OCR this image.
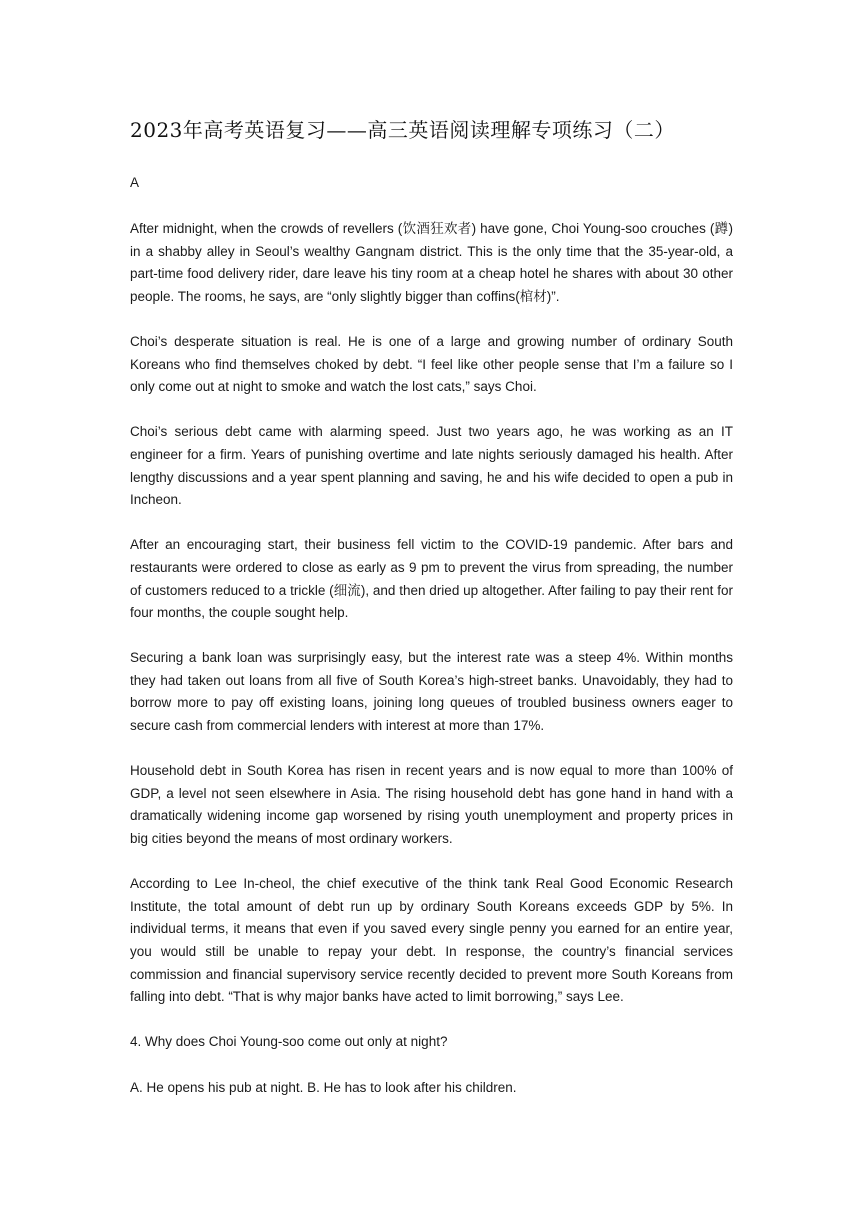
2023年高考英语复习——高三英语阅读理解专项练习（二）

A

After midnight, when the crowds of revellers (饮酒狂欢者) have gone, Choi Young-soo crouches (蹲) in a shabby alley in Seoul’s wealthy Gangnam district. This is the only time that the 35-year-old, a part-time food delivery rider, dare leave his tiny room at a cheap hotel he shares with about 30 other people. The rooms, he says, are “only slightly bigger than coffins(棺材)”.

Choi’s desperate situation is real. He is one of a large and growing number of ordinary South Koreans who find themselves choked by debt. “I feel like other people sense that I’m a failure so I only come out at night to smoke and watch the lost cats,” says Choi.

Choi’s serious debt came with alarming speed. Just two years ago, he was working as an IT engineer for a firm. Years of punishing overtime and late nights seriously damaged his health. After lengthy discussions and a year spent planning and saving, he and his wife decided to open a pub in Incheon.

After an encouraging start, their business fell victim to the COVID-19 pandemic. After bars and restaurants were ordered to close as early as 9 pm to prevent the virus from spreading, the number of customers reduced to a trickle (细流), and then dried up altogether. After failing to pay their rent for four months, the couple sought help.

Securing a bank loan was surprisingly easy, but the interest rate was a steep 4%. Within months they had taken out loans from all five of South Korea’s high-street banks. Unavoidably, they had to borrow more to pay off existing loans, joining long queues of troubled business owners eager to secure cash from commercial lenders with interest at more than 17%.

Household debt in South Korea has risen in recent years and is now equal to more than 100% of GDP, a level not seen elsewhere in Asia. The rising household debt has gone hand in hand with a dramatically widening income gap worsened by rising youth unemployment and property prices in big cities beyond the means of most ordinary workers.

According to Lee In-cheol, the chief executive of the think tank Real Good Economic Research Institute, the total amount of debt run up by ordinary South Koreans exceeds GDP by 5%. In individual terms, it means that even if you saved every single penny you earned for an entire year, you would still be unable to repay your debt. In response, the country’s financial services commission and financial supervisory service recently decided to prevent more South Koreans from falling into debt. “That is why major banks have acted to limit borrowing,” says Lee.

4. Why does Choi Young-soo come out only at night?

A. He opens his pub at night. B. He has to look after his children.
